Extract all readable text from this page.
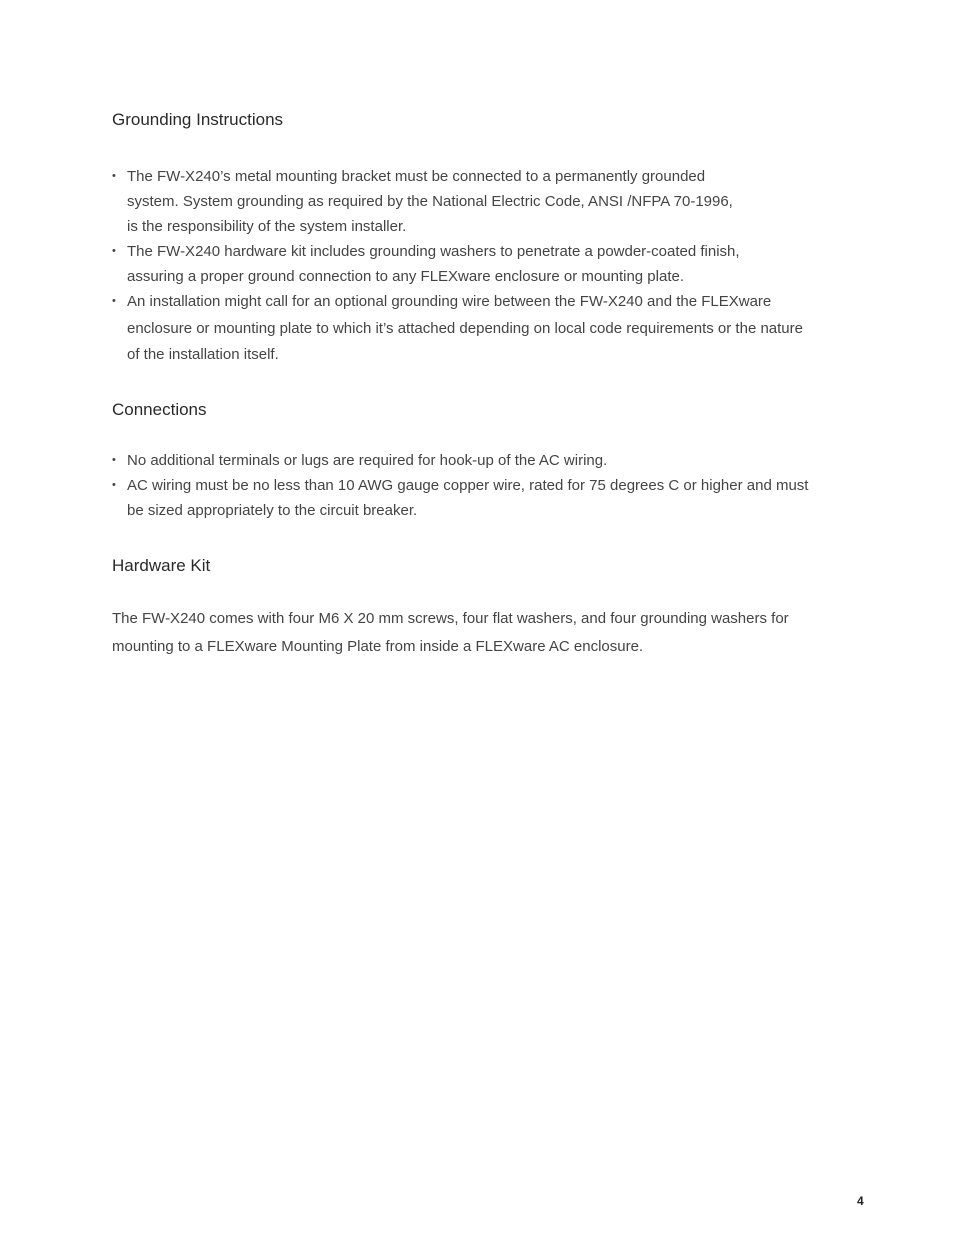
Grounding Instructions
• The FW-X240’s metal mounting bracket must be connected to a permanently grounded system. System grounding as required by the National Electric Code, ANSI /NFPA 70-1996, is the responsibility of the system installer.
• The FW-X240 hardware kit includes grounding washers to penetrate a powder-coated finish, assuring a proper ground connection to any FLEXware enclosure or mounting plate.
• An installation might call for an optional grounding wire between the FW-X240 and the FLEXware enclosure or mounting plate to which it’s attached depending on local code requirements or the nature of the installation itself.
Connections
• No additional terminals or lugs are required for hook-up of the AC wiring.
• AC wiring must be no less than 10 AWG gauge copper wire, rated for 75 degrees C or higher and must be sized appropriately to the circuit breaker.
Hardware Kit

The FW-X240 comes with four M6 X 20 mm screws, four flat washers, and four grounding washers for mounting to a FLEXware Mounting Plate from inside a FLEXware AC enclosure.

4
